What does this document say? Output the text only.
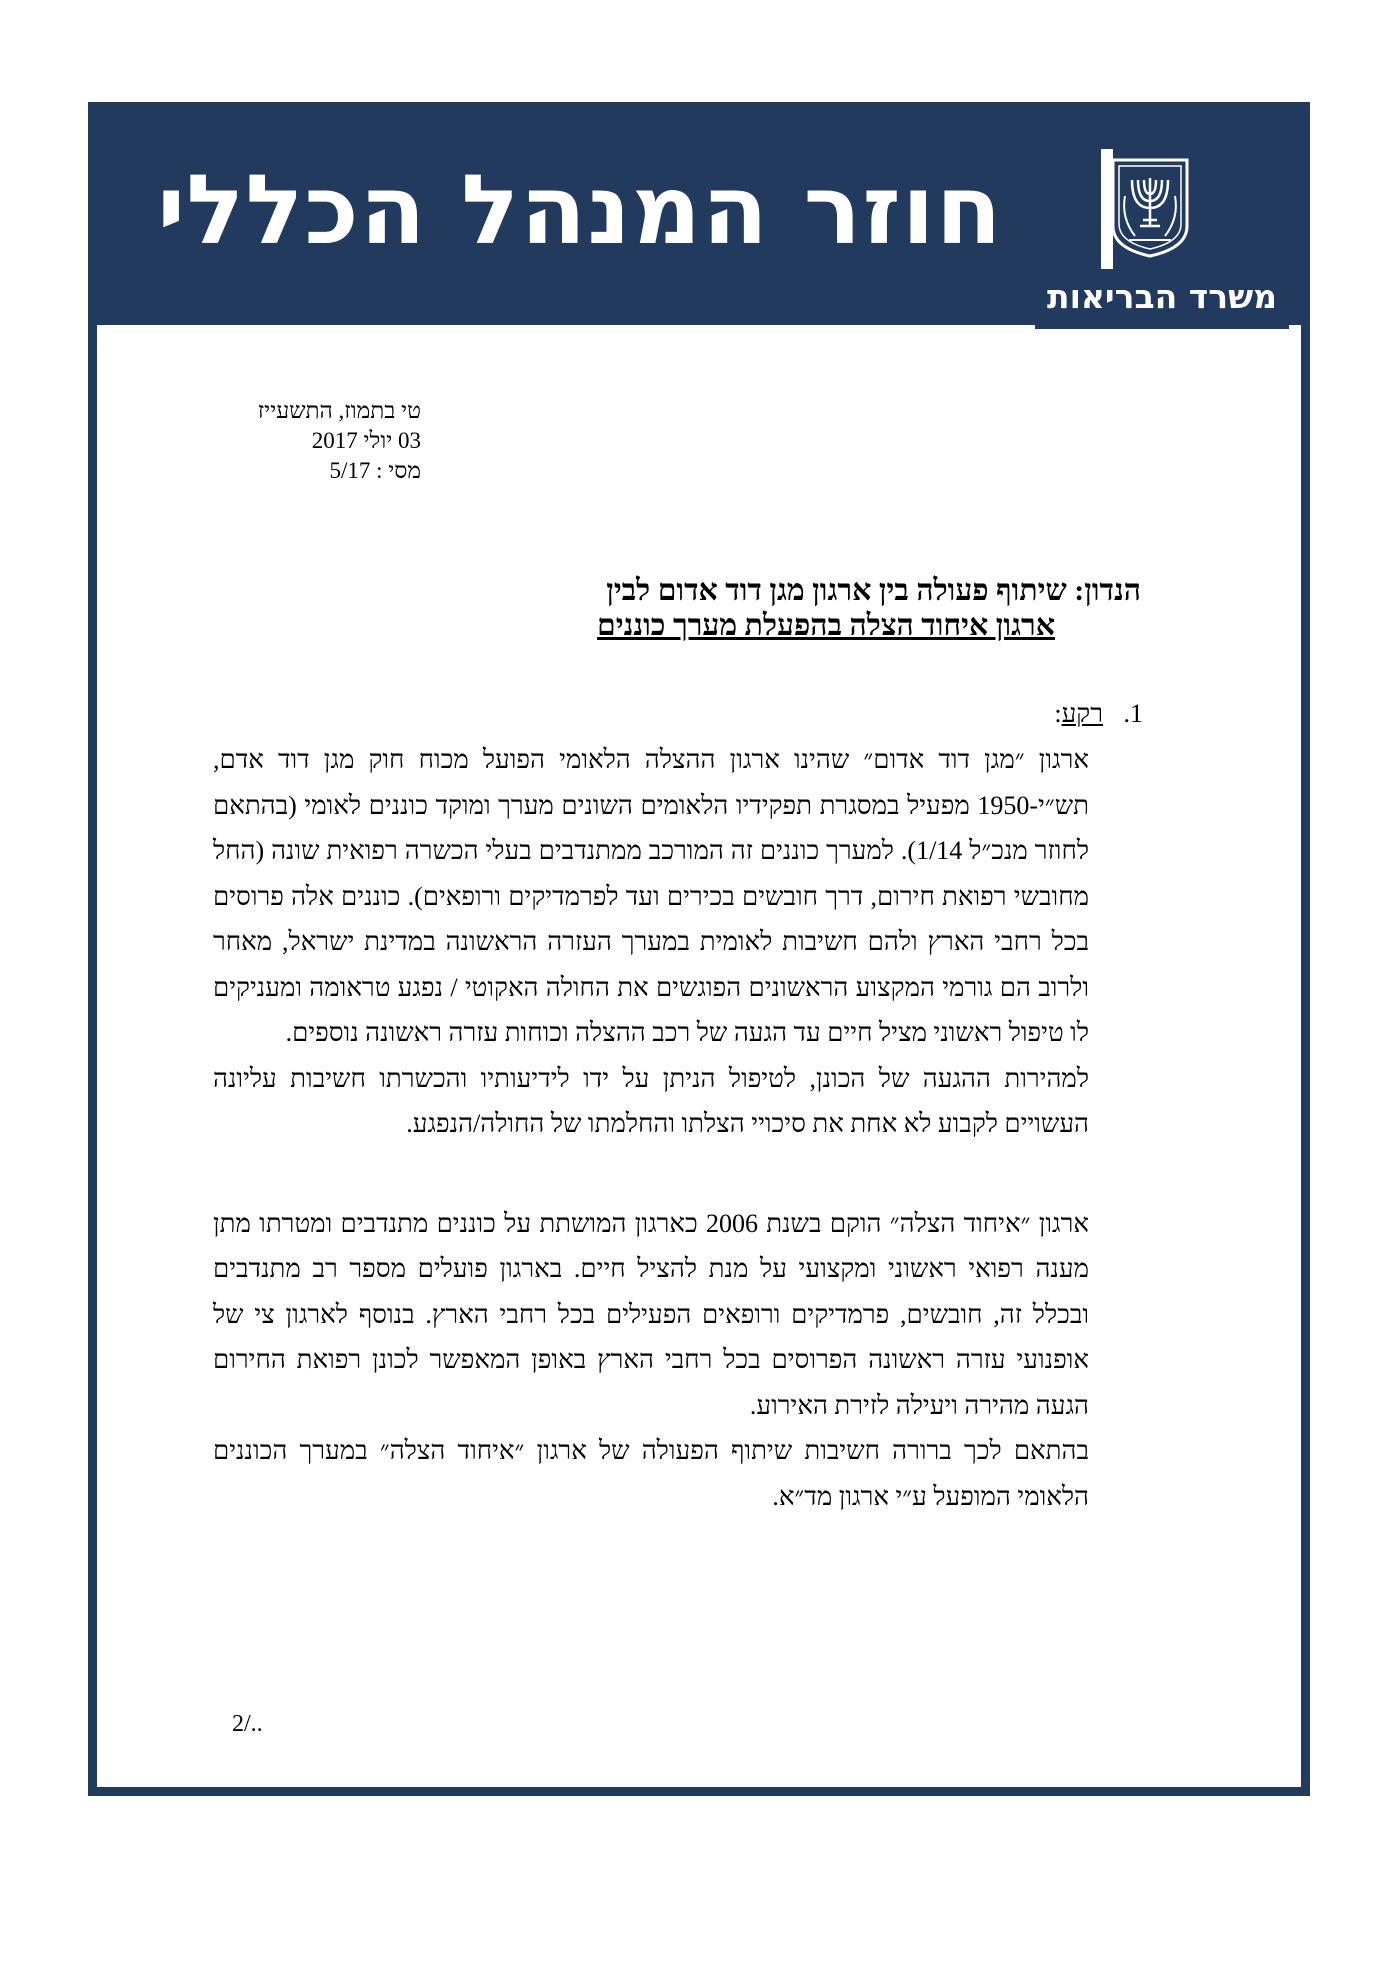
חוזר המנהל הכללי
משרד הבריאות
טי בתמוז, התשעייז
03 יולי 2017
מסי : 5/17
הנדון: שיתוף פעולה בין ארגון מגן דוד אדום לבין
ארגון איחוד הצלה בהפעלת מערך כוננים
1.רקע:
ארגון ״מגן דוד אדום״ שהינו ארגון ההצלה הלאומי הפועל מכוח חוק מגן דוד אדם, תש״י-1950 מפעיל במסגרת תפקידיו הלאומים השונים מערך ומוקד כוננים לאומי (בהתאם לחוזר מנכ״ל 1/14). למערך כוננים זה המורכב ממתנדבים בעלי הכשרה רפואית שונה (החל מחובשי רפואת חירום, דרך חובשים בכירים ועד לפרמדיקים ורופאים). כוננים אלה פרוסים בכל רחבי הארץ ולהם חשיבות לאומית במערך העזרה הראשונה במדינת ישראל, מאחר ולרוב הם גורמי המקצוע הראשונים הפוגשים את החולה האקוטי / נפגע טראומה ומעניקים לו טיפול ראשוני מציל חיים עד הגעה של רכב ההצלה וכוחות עזרה ראשונה נוספים.
למהירות ההגעה של הכונן, לטיפול הניתן על ידו לידיעותיו והכשרתו חשיבות עליונה העשויים לקבוע לא אחת את סיכויי הצלתו והחלמתו של החולה/הנפגע.
ארגון ״איחוד הצלה״ הוקם בשנת 2006 כארגון המושתת על כוננים מתנדבים ומטרתו מתן מענה רפואי ראשוני ומקצועי על מנת להציל חיים. בארגון פועלים מספר רב מתנדבים ובכלל זה, חובשים, פרמדיקים ורופאים הפעילים בכל רחבי הארץ. בנוסף לארגון צי של אופנועי עזרה ראשונה הפרוסים בכל רחבי הארץ באופן המאפשר לכונן רפואת החירום הגעה מהירה ויעילה לזירת האירוע.
בהתאם לכך ברורה חשיבות שיתוף הפעולה של ארגון ״איחוד הצלה״ במערך הכוננים הלאומי המופעל ע״י ארגון מד״א.
2/..
